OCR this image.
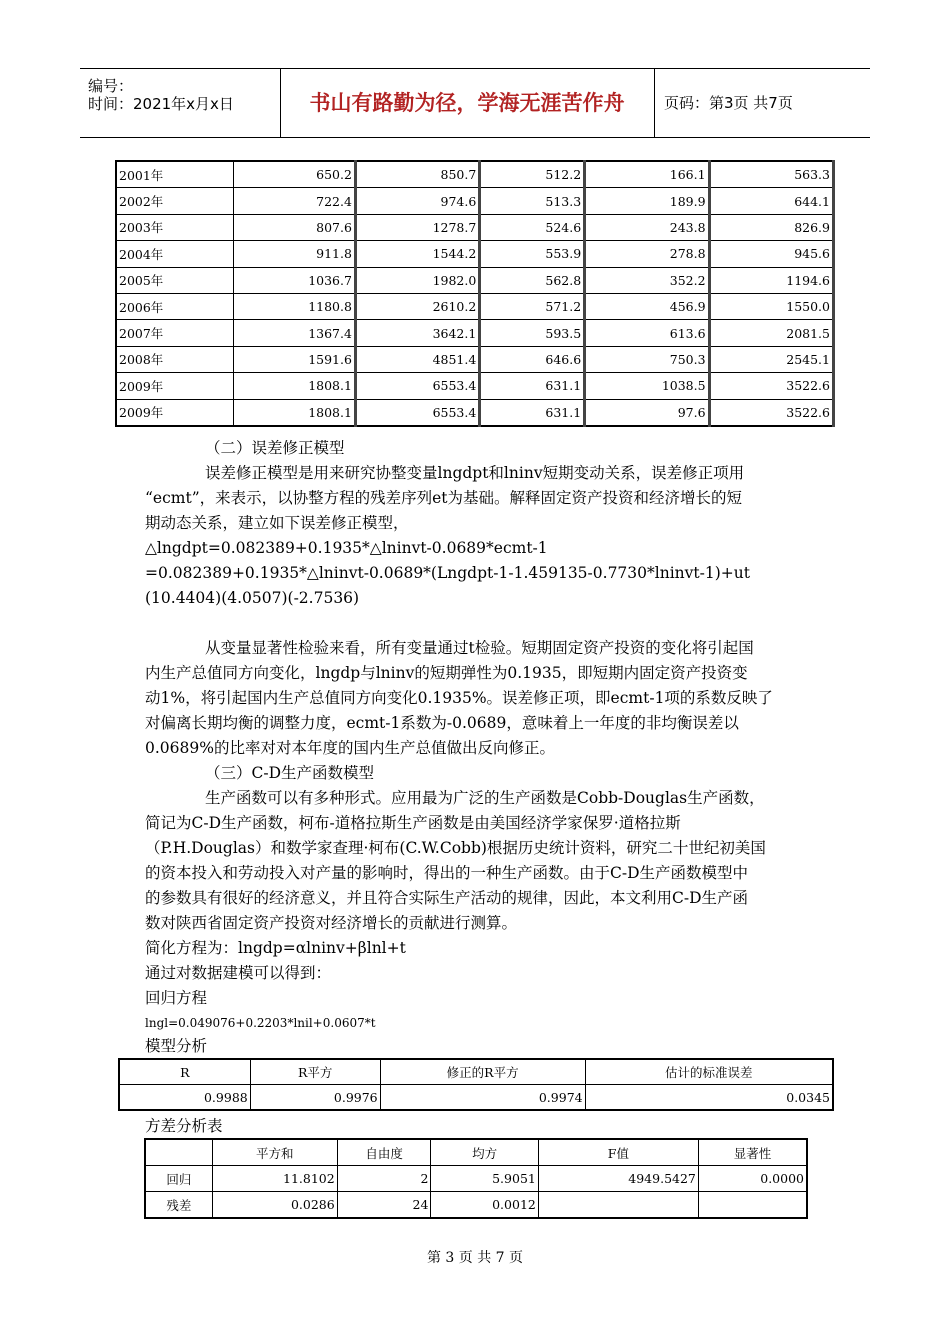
编号：
时间：2021年x月x日	书山有路勤为径，学海无涯苦作舟	页码：第3页 共7页
2001年	650.2	850.7	512.2	166.1	563.3
2002年	722.4	974.6	513.3	189.9	644.1
2003年	807.6	1278.7	524.6	243.8	826.9
2004年	911.8	1544.2	553.9	278.8	945.6
2005年	1036.7	1982.0	562.8	352.2	1194.6
2006年	1180.8	2610.2	571.2	456.9	1550.0
2007年	1367.4	3642.1	593.5	613.6	2081.5
2008年	1591.6	4851.4	646.6	750.3	2545.1
2009年	1808.1	6553.4	631.1	1038.5	3522.6
2009年	1808.1	6553.4	631.1	97.6	3522.6
（二）误差修正模型
误差修正模型是用来研究协整变量lngdpt和lninv短期变动关系，误差修正项用
“ecmt”，来表示，以协整方程的残差序列et为基础。解释固定资产投资和经济增长的短
期动态关系，建立如下误差修正模型，
△lngdpt=0.082389+0.1935*△lninvt-0.0689*ecmt-1
=0.082389+0.1935*△lninvt-0.0689*(Lngdpt-1-1.459135-0.7730*lninvt-1)+ut
(10.4404)(4.0507)(-2.7536)
从变量显著性检验来看，所有变量通过t检验。短期固定资产投资的变化将引起国
内生产总值同方向变化，lngdp与lninv的短期弹性为0.1935，即短期内固定资产投资变
动1%，将引起国内生产总值同方向变化0.1935%。误差修正项，即ecmt-1项的系数反映了
对偏离长期均衡的调整力度，ecmt-1系数为-0.0689，意味着上一年度的非均衡误差以
0.0689%的比率对对本年度的国内生产总值做出反向修正。
（三）C-D生产函数模型
生产函数可以有多种形式。应用最为广泛的生产函数是Cobb-Douglas生产函数，
简记为C-D生产函数，柯布-道格拉斯生产函数是由美国经济学家保罗·道格拉斯
（P.H.Douglas）和数学家查理·柯布(C.W.Cobb)根据历史统计资料，研究二十世纪初美国
的资本投入和劳动投入对产量的影响时，得出的一种生产函数。由于C-D生产函数模型中
的参数具有很好的经济意义，并且符合实际生产活动的规律，因此，本文利用C-D生产函
数对陕西省固定资产投资对经济增长的贡献进行测算。
简化方程为：lngdp=αlninv+βlnl+t
通过对数据建模可以得到：
回归方程
lngl=0.049076+0.2203*lnil+0.0607*t
模型分析
R	R平方	修正的R平方	估计的标准误差
0.9988	0.9976	0.9974	0.0345
方差分析表
	平方和	自由度	均方	F值	显著性
回归	11.8102	2	5.9051	4949.5427	0.0000
残差	0.0286	24	0.0012		
第 3 页 共 7 页
